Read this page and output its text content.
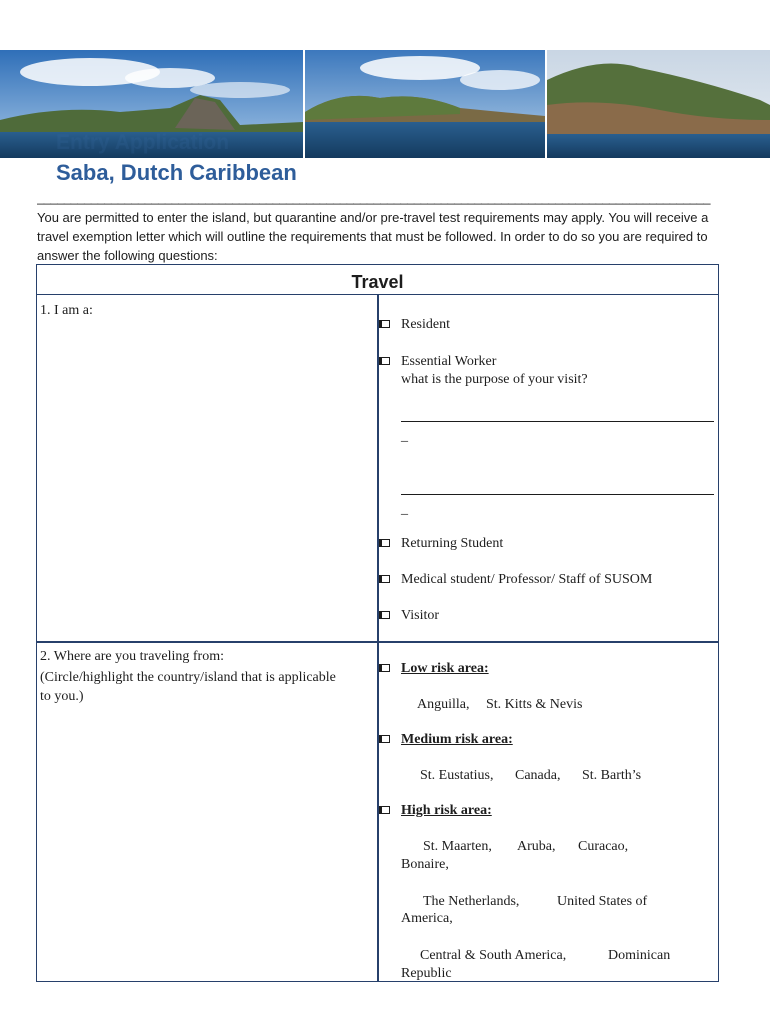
Entry Application
Saba, Dutch Caribbean
____________________________________________________________________________________________________
You are permitted to enter the island, but quarantine and/or pre-travel test requirements may apply. You will receive a travel exemption letter which will outline the requirements that must be followed. In order to do so you are required to answer the following questions:
Travel
1. I am a:
Resident
Essential Worker
what is the purpose of your visit?
_
_
Returning Student
Medical student/ Professor/ Staff of SUSOM
Visitor
2. Where are you traveling from:
(Circle/highlight the country/island that is applicable to you.)
Low risk area:
Anguilla, St. Kitts & Nevis
Medium risk area:
St. Eustatius, Canada, St. Barth’s
High risk area:
St. Maarten, Aruba, Curacao,
Bonaire,
The Netherlands,	United States of
America,
Central & South America,	Dominican
Republic
